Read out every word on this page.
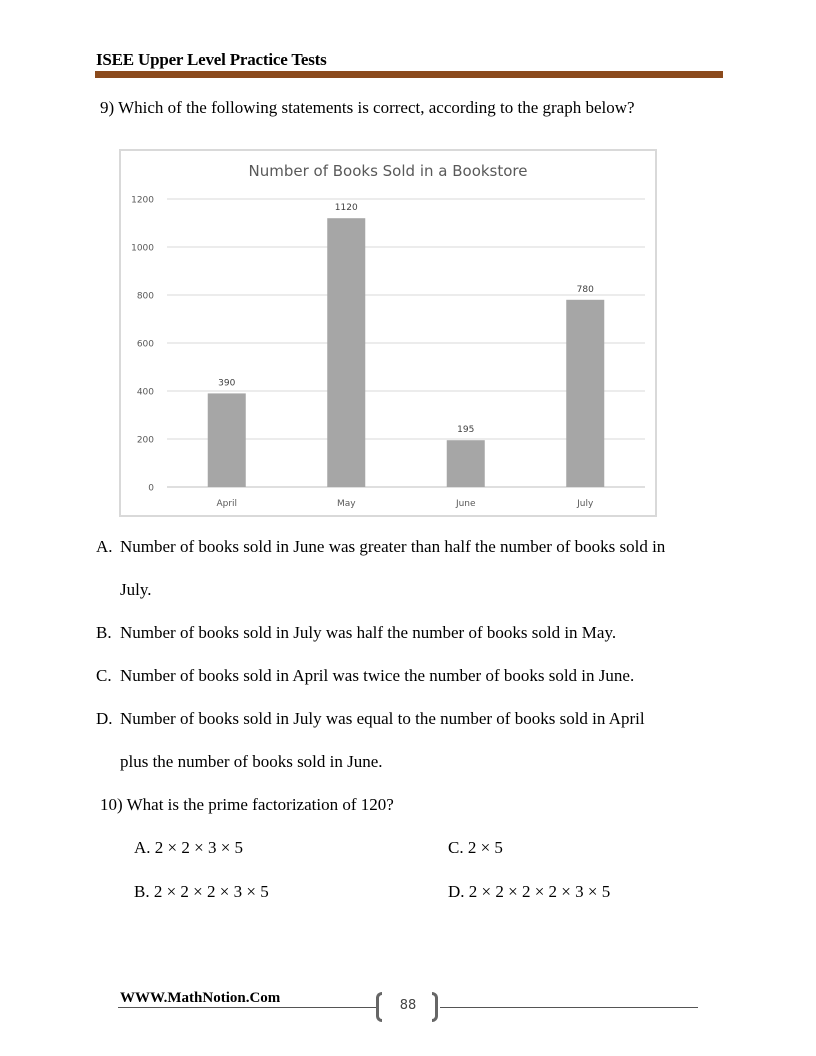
ISEE Upper Level Practice Tests
9) Which of the following statements is correct, according to the graph below?
Number of Books Sold in a Bookstore
0
200
400
600
800
1000
1200
390
April
1120
May
195
June
780
July
A. Number of books sold in June was greater than half the number of books sold in
July.
B. Number of books sold in July was half the number of books sold in May.
C. Number of books sold in April was twice the number of books sold in June.
D. Number of books sold in July was equal to the number of books sold in April
plus the number of books sold in June.
10) What is the prime factorization of 120?
A. 2 × 2 × 3 × 5	C. 2 × 5
B. 2 × 2 × 2 × 3 × 5	D. 2 × 2 × 2 × 2 × 3 × 5
WWW.MathNotion.Com	88
